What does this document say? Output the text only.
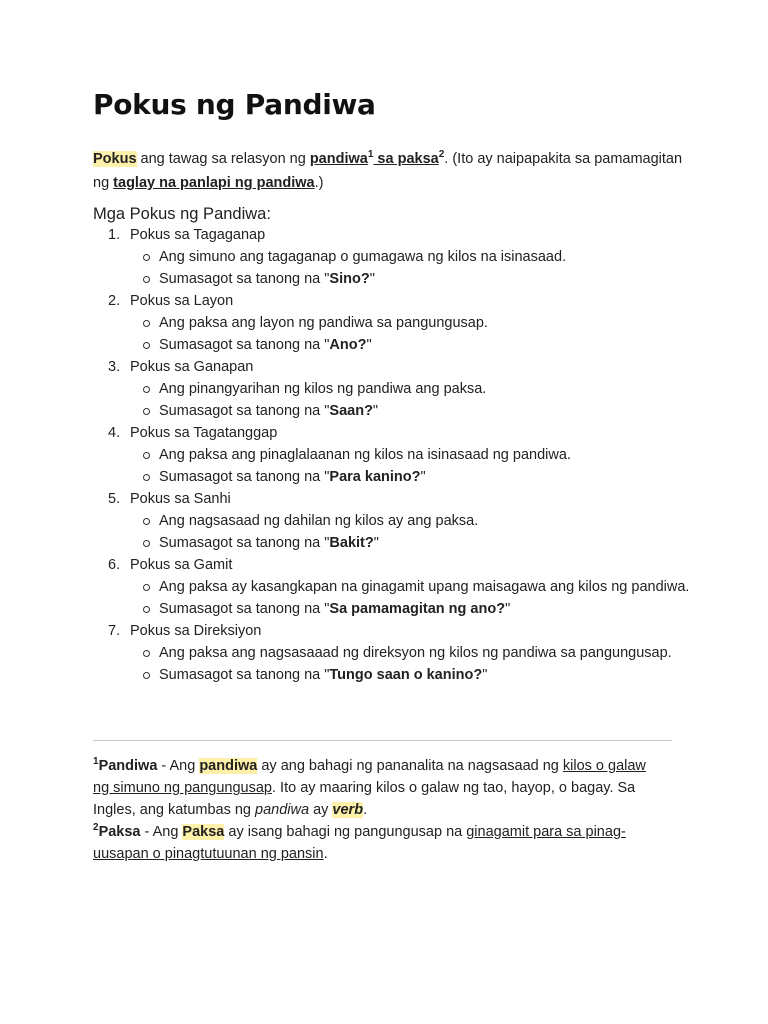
Pokus ng Pandiwa

Pokus ang tawag sa relasyon ng pandiwa$^1$ sa paksa$^2$. (Ito ay naipapakita sa pamamagitan ng taglay na panlapi ng pandiwa.)

Mga Pokus ng Pandiwa:
1. Pokus sa Tagaganap
Ang simuno ang tagaganap o gumagawa ng kilos na isinasaad.
Sumasagot sa tanong na "Sino?"
2. Pokus sa Layon
Ang paksa ang layon ng pandiwa sa pangungusap.
Sumasagot sa tanong na "Ano?"
3. Pokus sa Ganapan
Ang pinangyarihan ng kilos ng pandiwa ang paksa.
Sumasagot sa tanong na "Saan?"
4. Pokus sa Tagatanggap
Ang paksa ang pinaglalaanan ng kilos na isinasaad ng pandiwa.
Sumasagot sa tanong na "Para kanino?"
5. Pokus sa Sanhi
Ang nagsasaad ng dahilan ng kilos ay ang paksa.
Sumasagot sa tanong na "Bakit?"
6. Pokus sa Gamit
Ang paksa ay kasangkapan na ginagamit upang maisagawa ang kilos ng pandiwa.
Sumasagot sa tanong na "Sa pamamagitan ng ano?"
7. Pokus sa Direksiyon
Ang paksa ang nagsasaaad ng direksyon ng kilos ng pandiwa sa pangungusap.
Sumasagot sa tanong na "Tungo saan o kanino?"

$^1$Pandiwa - Ang pandiwa ay ang bahagi ng pananalita na nagsasaad ng kilos o galaw ng simuno ng pangungusap. Ito ay maaring kilos o galaw ng tao, hayop, o bagay. Sa Ingles, ang katumbas ng pandiwa ay verb.

$^2$Paksa - Ang Paksa ay isang bahagi ng pangungusap na ginagamit para sa pinag-uusapan o pinagtutuunan ng pansin.
